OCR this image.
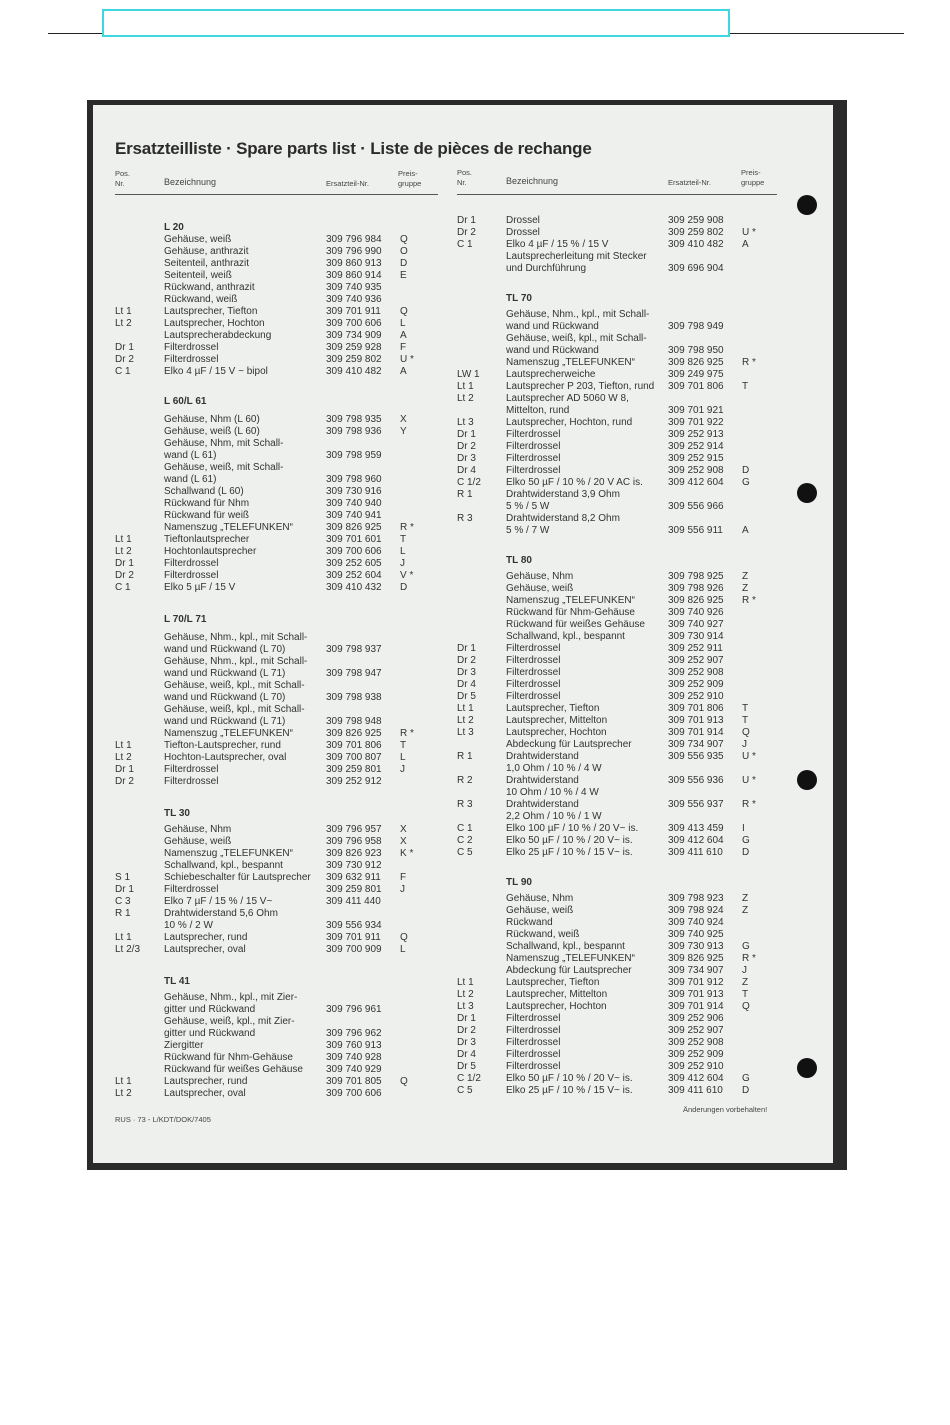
Ersatzteilliste · Spare parts list · Liste de pièces de rechange
Pos.
Nr.	Bezeichnung	Ersatzteil-Nr.
Preis-
gruppe
Pos.
Nr.	Bezeichnung	Ersatzteil-Nr.
Preis-
gruppe
L 20
Gehäuse, weiß	309 796 984 Q
Gehäuse, anthrazit	309 796 990 O
Seitenteil, anthrazit	309 860 913 D
Seitenteil, weiß	309 860 914 E
Rückwand, anthrazit	309 740 935
Rückwand, weiß	309 740 936
Lt 1	Lautsprecher, Tiefton	309 701 911 Q
Lt 2	Lautsprecher, Hochton	309 700 606 L
Lautsprecherabdeckung	309 734 909 A
Dr 1	Filterdrossel	309 259 928 F
Dr 2	Filterdrossel	309 259 802 U *
C 1	Elko 4 µF / 15 V ~ bipol	309 410 482 A
L 60/L 61
Gehäuse, Nhm (L 60)	309 798 935 X
Gehäuse, weiß (L 60)	309 798 936 Y
Gehäuse, Nhm, mit Schall-
wand (L 61)	309 798 959
Gehäuse, weiß, mit Schall-
wand (L 61)	309 798 960
Schallwand (L 60)	309 730 916
Rückwand für Nhm	309 740 940
Rückwand für weiß	309 740 941
Namenszug „TELEFUNKEN“	309 826 925 R *
Lt 1	Tieftonlautsprecher	309 701 601 T
Lt 2	Hochtonlautsprecher	309 700 606 L
Dr 1	Filterdrossel	309 252 605 J
Dr 2	Filterdrossel	309 252 604 V *
C 1	Elko 5 µF / 15 V	309 410 432 D
L 70/L 71
Gehäuse, Nhm., kpl., mit Schall-
wand und Rückwand (L 70)	309 798 937
Gehäuse, Nhm., kpl., mit Schall-
wand und Rückwand (L 71)	309 798 947
Gehäuse, weiß, kpl., mit Schall-
wand und Rückwand (L 70)	309 798 938
Gehäuse, weiß, kpl., mit Schall-
wand und Rückwand (L 71)	309 798 948
Namenszug „TELEFUNKEN“	309 826 925 R *
Lt 1	Tiefton-Lautsprecher, rund	309 701 806 T
Lt 2	Hochton-Lautsprecher, oval	309 700 807 L
Dr 1	Filterdrossel	309 259 801 J
Dr 2	Filterdrossel	309 252 912
TL 30
Gehäuse, Nhm	309 796 957 X
Gehäuse, weiß	309 796 958 X
Namenszug „TELEFUNKEN“	309 826 923 K *
Schallwand, kpl., bespannt	309 730 912
S 1	Schiebeschalter für Lautsprecher 309 632 911 F
Dr 1	Filterdrossel	309 259 801 J
C 3	Elko 7 µF / 15 % / 15 V~	309 411 440
R 1	Drahtwiderstand 5,6 Ohm
10 % / 2 W	309 556 934
Lt 1	Lautsprecher, rund	309 701 911 Q
Lt 2/3 Lautsprecher, oval	309 700 909 L
TL 41
Gehäuse, Nhm., kpl., mit Zier-
gitter und Rückwand	309 796 961
Gehäuse, weiß, kpl., mit Zier-
gitter und Rückwand	309 796 962
Ziergitter	309 760 913
Rückwand für Nhm-Gehäuse	309 740 928
Rückwand für weißes Gehäuse 309 740 929
Lt 1	Lautsprecher, rund	309 701 805 Q
Lt 2	Lautsprecher, oval	309 700 606
Dr 1	Drossel	309 259 908
Dr 2	Drossel	309 259 802 U *
C 1	Elko 4 µF / 15 % / 15 V	309 410 482 A
Lautsprecherleitung mit Stecker
und Durchführung	309 696 904
TL 70
Gehäuse, Nhm., kpl., mit Schall-
wand und Rückwand	309 798 949
Gehäuse, weiß, kpl., mit Schall-
wand und Rückwand	309 798 950
Namenszug „TELEFUNKEN“	309 826 925 R *
LW 1	Lautsprecherweiche	309 249 975
Lt 1	Lautsprecher P 203, Tiefton, rund 309 701 806 T
Lt 2	Lautsprecher AD 5060 W 8,
Mittelton, rund	309 701 921
Lt 3	Lautsprecher, Hochton, rund	309 701 922
Dr 1	Filterdrossel	309 252 913
Dr 2	Filterdrossel	309 252 914
Dr 3	Filterdrossel	309 252 915
Dr 4	Filterdrossel	309 252 908 D
C 1/2	Elko 50 µF / 10 % / 20 V AC is.	309 412 604 G
R 1	Drahtwiderstand 3,9 Ohm
5 % / 5 W	309 556 966
R 3	Drahtwiderstand 8,2 Ohm
5 % / 7 W	309 556 911 A
TL 80
Gehäuse, Nhm	309 798 925 Z
Gehäuse, weiß	309 798 926 Z
Namenszug „TELEFUNKEN“	309 826 925 R *
Rückwand für Nhm-Gehäuse	309 740 926
Rückwand für weißes Gehäuse 309 740 927
Schallwand, kpl., bespannt	309 730 914
Dr 1	Filterdrossel	309 252 911
Dr 2	Filterdrossel	309 252 907
Dr 3	Filterdrossel	309 252 908
Dr 4	Filterdrossel	309 252 909
Dr 5	Filterdrossel	309 252 910
Lt 1	Lautsprecher, Tiefton	309 701 806 T
Lt 2	Lautsprecher, Mittelton	309 701 913 T
Lt 3	Lautsprecher, Hochton	309 701 914 Q
Abdeckung für Lautsprecher	309 734 907 J
R 1	Drahtwiderstand	309 556 935 U *
1,0 Ohm / 10 % / 4 W
R 2	Drahtwiderstand	309 556 936 U *
10 Ohm / 10 % / 4 W
R 3	Drahtwiderstand	309 556 937 R *
2,2 Ohm / 10 % / 1 W
C 1	Elko 100 µF / 10 % / 20 V~ is.	309 413 459 I
C 2	Elko 50 µF / 10 % / 20 V~ is.	309 412 604 G
C 5	Elko 25 µF / 10 % / 15 V~ is.	309 411 610 D
TL 90
Gehäuse, Nhm	309 798 923 Z
Gehäuse, weiß	309 798 924 Z
Rückwand	309 740 924
Rückwand, weiß	309 740 925
Schallwand, kpl., bespannt	309 730 913 G
Namenszug „TELEFUNKEN“	309 826 925 R *
Abdeckung für Lautsprecher	309 734 907 J
Lt 1	Lautsprecher, Tiefton	309 701 912 Z
Lt 2	Lautsprecher, Mittelton	309 701 913 T
Lt 3	Lautsprecher, Hochton	309 701 914 Q
Dr 1	Filterdrossel	309 252 906
Dr 2	Filterdrossel	309 252 907
Dr 3	Filterdrossel	309 252 908
Dr 4	Filterdrossel	309 252 909
Dr 5	Filterdrossel	309 252 910
C 1/2	Elko 50 µF / 10 % / 20 V~ is.	309 412 604 G
C 5	Elko 25 µF / 10 % / 15 V~ is.	309 411 610 D
RUS · 73 - L/KDT/DOK/7405
Änderungen vorbehalten!
